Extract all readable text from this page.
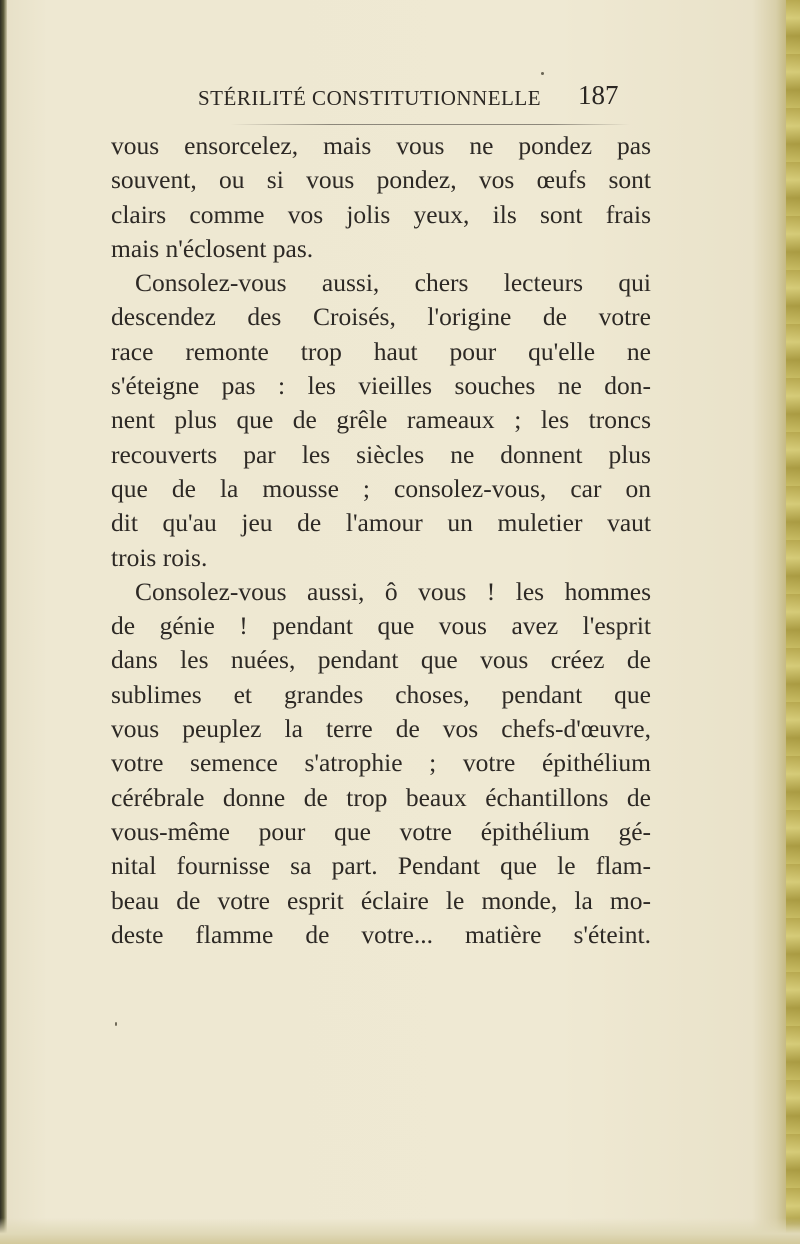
STÉRILITÉ CONSTITUTIONNELLE 187
vous ensorcelez, mais vous ne pondez pas
souvent, ou si vous pondez, vos œufs sont
clairs comme vos jolis yeux, ils sont frais
mais n'éclosent pas.
Consolez-vous aussi, chers lecteurs qui
descendez des Croisés, l'origine de votre
race remonte trop haut pour qu'elle ne
s'éteigne pas : les vieilles souches ne don-
nent plus que de grêle rameaux ; les troncs
recouverts par les siècles ne donnent plus
que de la mousse ; consolez-vous, car on
dit qu'au jeu de l'amour un muletier vaut
trois rois.
Consolez-vous aussi, ô vous ! les hommes
de génie ! pendant que vous avez l'esprit
dans les nuées, pendant que vous créez de
sublimes et grandes choses, pendant que
vous peuplez la terre de vos chefs-d'œuvre,
votre semence s'atrophie ; votre épithélium
cérébrale donne de trop beaux échantillons de
vous-même pour que votre épithélium gé-
nital fournisse sa part. Pendant que le flam-
beau de votre esprit éclaire le monde, la mo-
deste flamme de votre... matière s'éteint.
